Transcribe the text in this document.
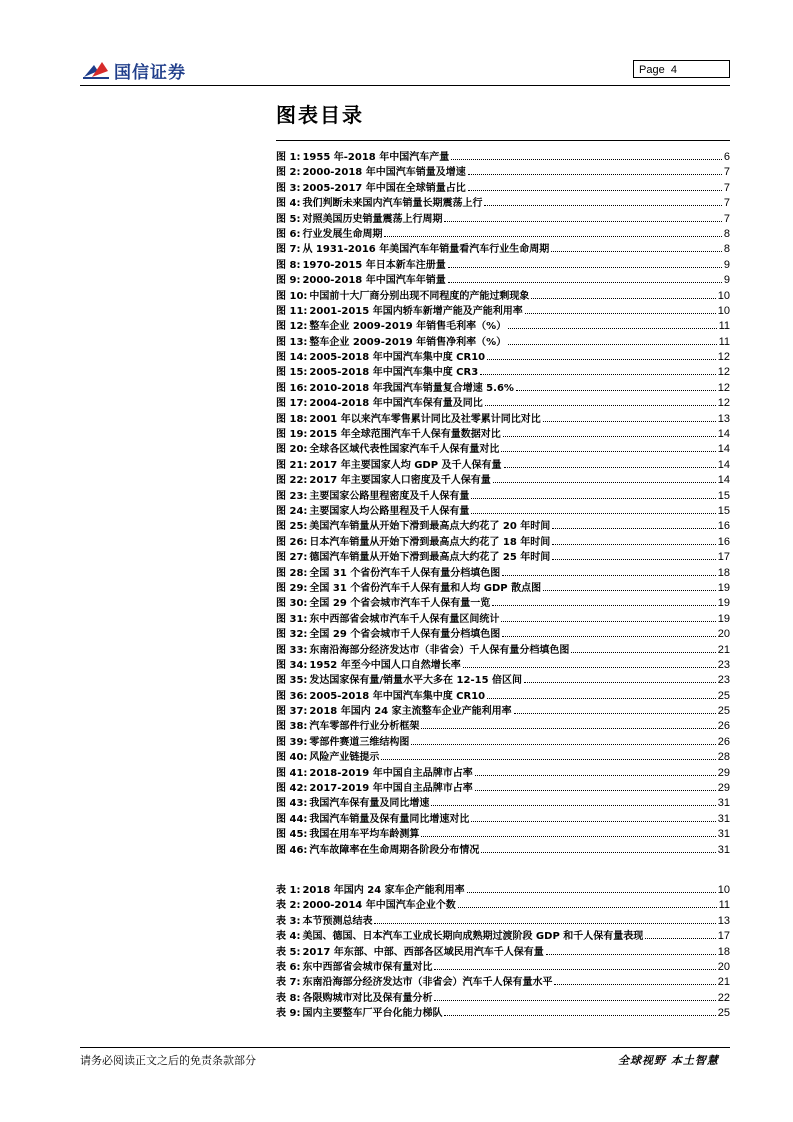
国信证券	Page 4
图表目录
图 1: 1955 年-2018 年中国汽车产量	6
图 2: 2000-2018 年中国汽车销量及增速	7
图 3: 2005-2017 年中国在全球销量占比	7
图 4: 我们判断未来国内汽车销量长期震荡上行	7
图 5: 对照美国历史销量震荡上行周期	7
图 6: 行业发展生命周期	8
图 7: 从 1931-2016 年美国汽车年销量看汽车行业生命周期	8
图 8: 1970-2015 年日本新车注册量	9
图 9: 2000-2018 年中国汽车年销量	9
图 10: 中国前十大厂商分别出现不同程度的产能过剩现象	10
图 11: 2001-2015 年国内轿车新增产能及产能利用率	10
图 12: 整车企业 2009-2019 年销售毛利率（%）	11
图 13: 整车企业 2009-2019 年销售净利率（%）	11
图 14: 2005-2018 年中国汽车集中度 CR10	12
图 15: 2005-2018 年中国汽车集中度 CR3	12
图 16: 2010-2018 年我国汽车销量复合增速 5.6%	12
图 17: 2004-2018 年中国汽车保有量及同比	12
图 18: 2001 年以来汽车零售累计同比及社零累计同比对比	13
图 19: 2015 年全球范围汽车千人保有量数据对比	14
图 20: 全球各区域代表性国家汽车千人保有量对比	14
图 21: 2017 年主要国家人均 GDP 及千人保有量	14
图 22: 2017 年主要国家人口密度及千人保有量	14
图 23: 主要国家公路里程密度及千人保有量	15
图 24: 主要国家人均公路里程及千人保有量	15
图 25: 美国汽车销量从开始下滑到最高点大约花了 20 年时间	16
图 26: 日本汽车销量从开始下滑到最高点大约花了 18 年时间	16
图 27: 德国汽车销量从开始下滑到最高点大约花了 25 年时间	17
图 28: 全国 31 个省份汽车千人保有量分档填色图	18
图 29: 全国 31 个省份汽车千人保有量和人均 GDP 散点图	19
图 30: 全国 29 个省会城市汽车千人保有量一览	19
图 31: 东中西部省会城市汽车千人保有量区间统计	19
图 32: 全国 29 个省会城市千人保有量分档填色图	20
图 33: 东南沿海部分经济发达市（非省会）千人保有量分档填色图	21
图 34: 1952 年至今中国人口自然增长率	23
图 35: 发达国家保有量/销量水平大多在 12-15 倍区间	23
图 36: 2005-2018 年中国汽车集中度 CR10	25
图 37: 2018 年国内 24 家主流整车企业产能利用率	25
图 38: 汽车零部件行业分析框架	26
图 39: 零部件赛道三维结构图	26
图 40: 风险产业链提示	28
图 41: 2018-2019 年中国自主品牌市占率	29
图 42: 2017-2019 年中国自主品牌市占率	29
图 43: 我国汽车保有量及同比增速	31
图 44: 我国汽车销量及保有量同比增速对比	31
图 45: 我国在用车平均车龄测算	31
图 46: 汽车故障率在生命周期各阶段分布情况	31
表 1: 2018 年国内 24 家车企产能利用率	10
表 2: 2000-2014 年中国汽车企业个数	11
表 3: 本节预测总结表	13
表 4: 美国、德国、日本汽车工业成长期向成熟期过渡阶段 GDP 和千人保有量表现	17
表 5: 2017 年东部、中部、西部各区域民用汽车千人保有量	18
表 6: 东中西部省会城市保有量对比	20
表 7: 东南沿海部分经济发达市（非省会）汽车千人保有量水平	21
表 8: 各限购城市对比及保有量分析	22
表 9: 国内主要整车厂平台化能力梯队	25
请务必阅读正文之后的免责条款部分	全球视野 本土智慧
